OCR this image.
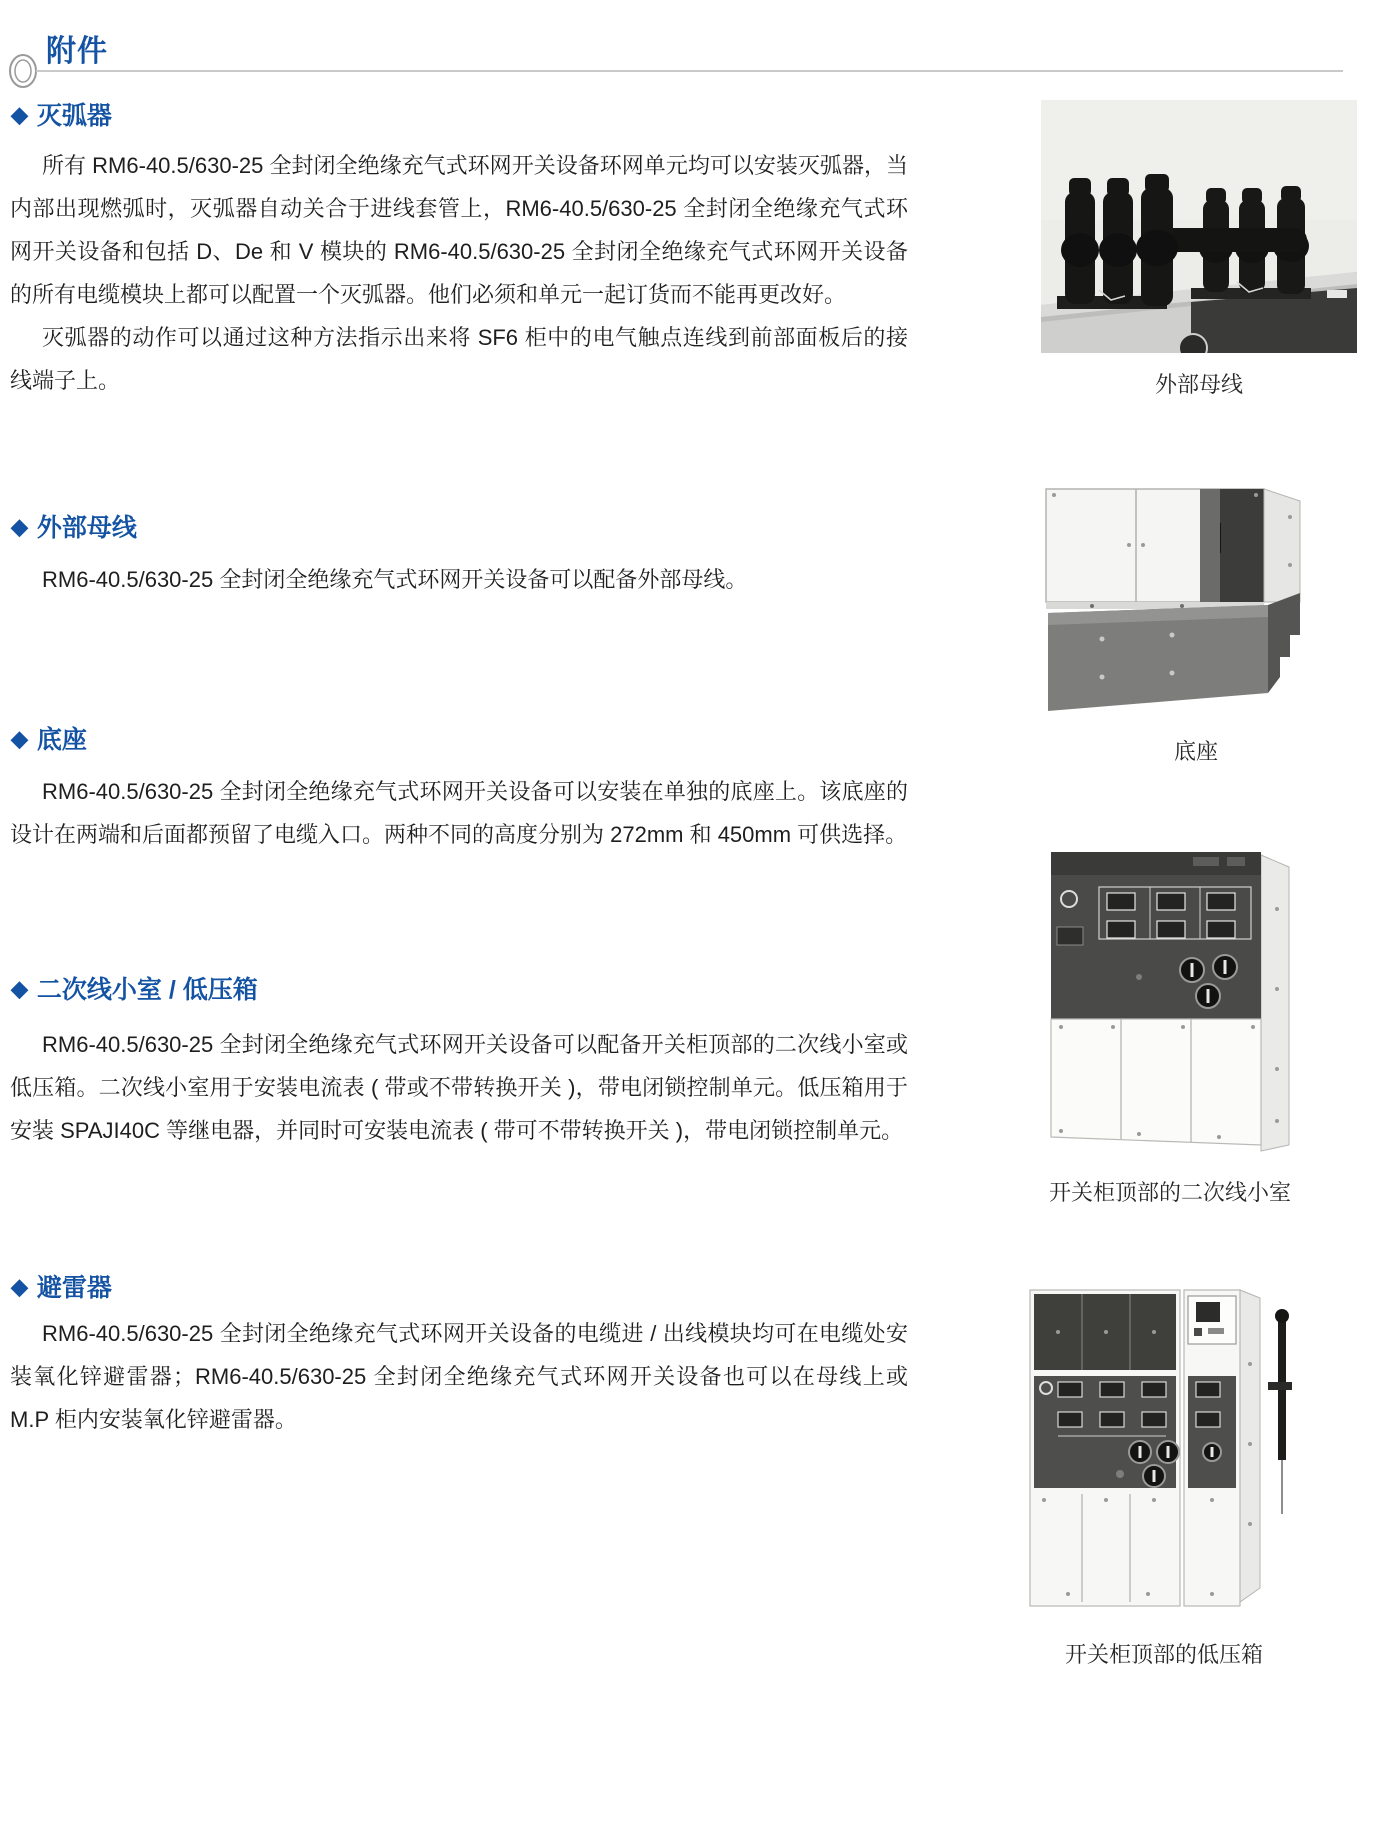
附件
◆ 灭弧器

所有 RM6-40.5/630-25 全封闭全绝缘充气式环网开关设备环网单元均可以安装灭弧器，当内部出现燃弧时，灭弧器自动关合于进线套管上，RM6-40.5/630-25 全封闭全绝缘充气式环网开关设备和包括 D、De 和 V 模块的 RM6-40.5/630-25 全封闭全绝缘充气式环网开关设备的所有电缆模块上都可以配置一个灭弧器。他们必须和单元一起订货而不能再更改好。

灭弧器的动作可以通过这种方法指示出来将 SF6 柜中的电气触点连线到前部面板后的接线端子上。

◆ 外部母线

RM6-40.5/630-25 全封闭全绝缘充气式环网开关设备可以配备外部母线。

◆ 底座

RM6-40.5/630-25 全封闭全绝缘充气式环网开关设备可以安装在单独的底座上。该底座的设计在两端和后面都预留了电缆入口。两种不同的高度分别为 272mm 和 450mm 可供选择。

◆ 二次线小室 / 低压箱

RM6-40.5/630-25 全封闭全绝缘充气式环网开关设备可以配备开关柜顶部的二次线小室或低压箱。二次线小室用于安装电流表 ( 带或不带转换开关 )，带电闭锁控制单元。低压箱用于安装 SPAJI40C 等继电器，并同时可安装电流表 ( 带可不带转换开关 )，带电闭锁控制单元。

◆ 避雷器

RM6-40.5/630-25 全封闭全绝缘充气式环网开关设备的电缆进 / 出线模块均可在电缆处安装氧化锌避雷器；RM6-40.5/630-25 全封闭全绝缘充气式环网开关设备也可以在母线上或 M.P 柜内安装氧化锌避雷器。

外部母线
底座
开关柜顶部的二次线小室
开关柜顶部的低压箱
